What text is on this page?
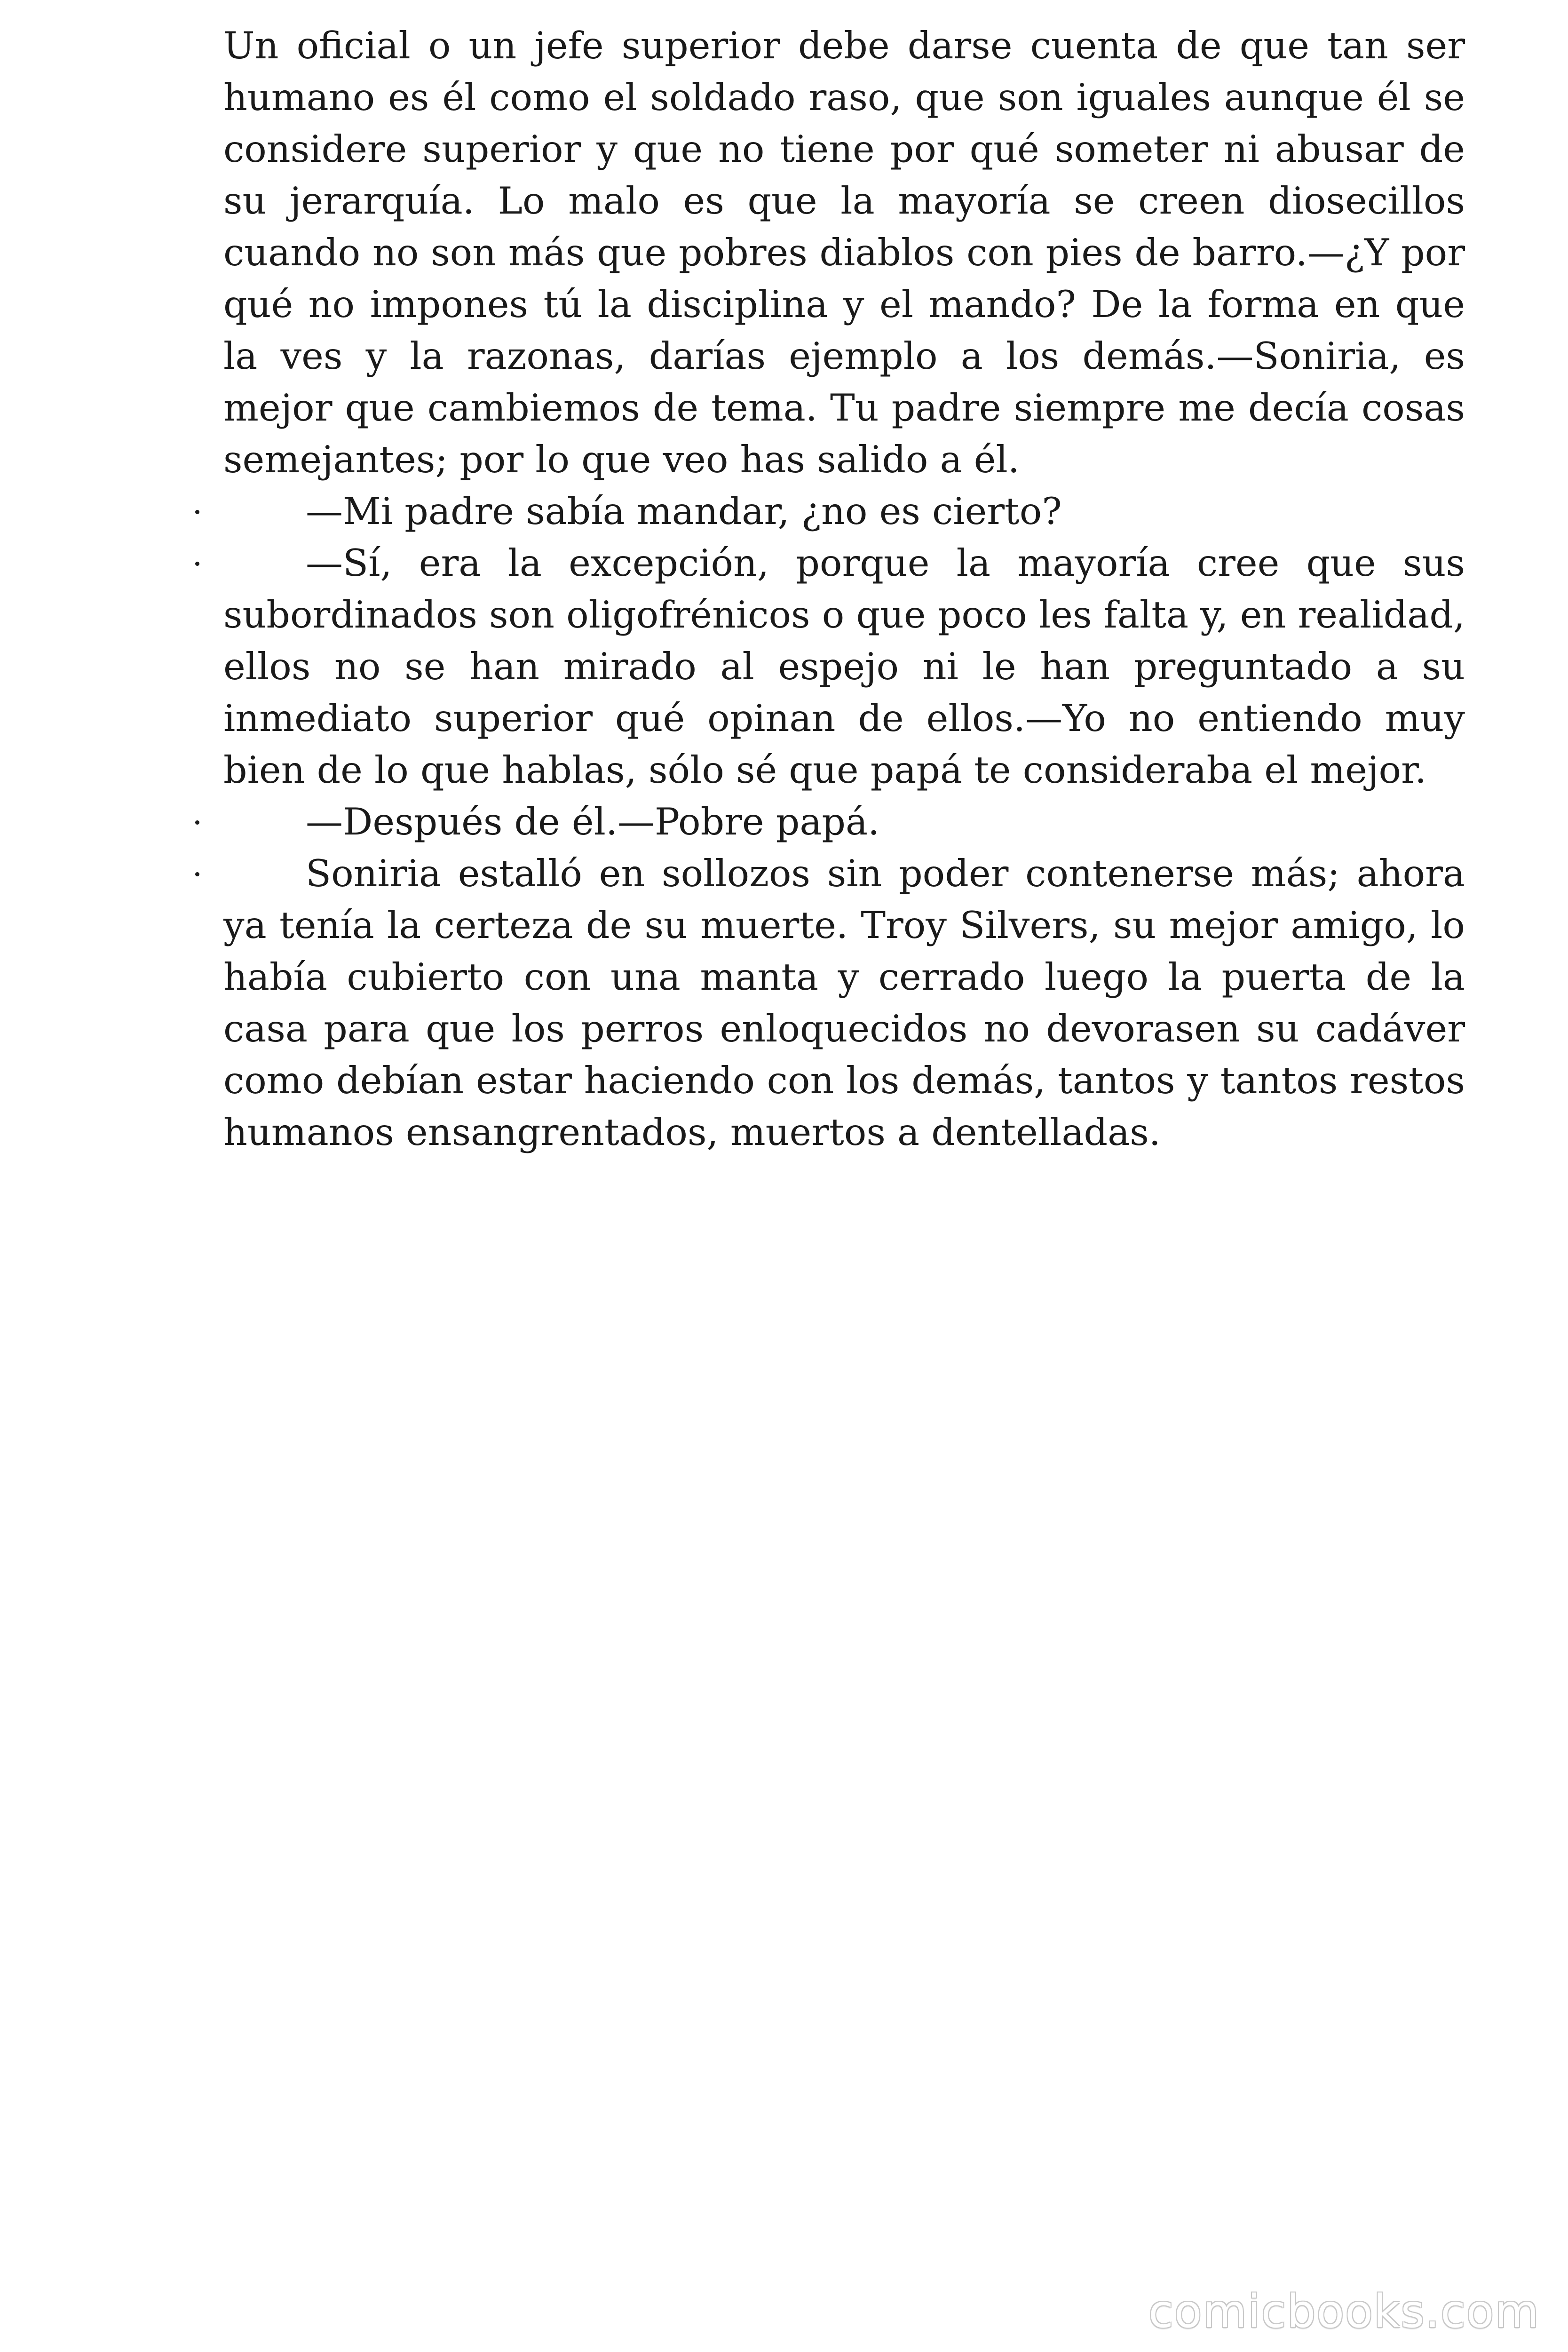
Un oficial o un jefe superior debe darse cuenta de que tan ser humano es él como el soldado raso, que son iguales aunque él se considere superior y que no tiene por qué someter ni abusar de su jerarquía. Lo malo es que la mayoría se creen diosecillos cuando no son más que pobres diablos con pies de barro.—¿Y por qué no impones tú la disciplina y el mando? De la forma en que la ves y la razonas, darías ejemplo a los demás.—Soniria, es mejor que cambiemos de tema. Tu padre siempre me decía cosas semejantes; por lo que veo has salido a él.

—Mi padre sabía mandar, ¿no es cierto?

—Sí, era la excepción, porque la mayoría cree que sus subordinados son oligofrénicos o que poco les falta y, en realidad, ellos no se han mirado al espejo ni le han preguntado a su inmediato superior qué opinan de ellos.—Yo no entiendo muy bien de lo que hablas, sólo sé que papá te consideraba el mejor.

—Después de él.—Pobre papá.

Soniria estalló en sollozos sin poder contenerse más; ahora ya tenía la certeza de su muerte. Troy Silvers, su mejor amigo, lo había cubierto con una manta y cerrado luego la puerta de la casa para que los perros enloquecidos no devorasen su cadáver como debían estar haciendo con los demás, tantos y tantos restos humanos ensangrentados, muertos a dentelladas.

comicbooks.com
